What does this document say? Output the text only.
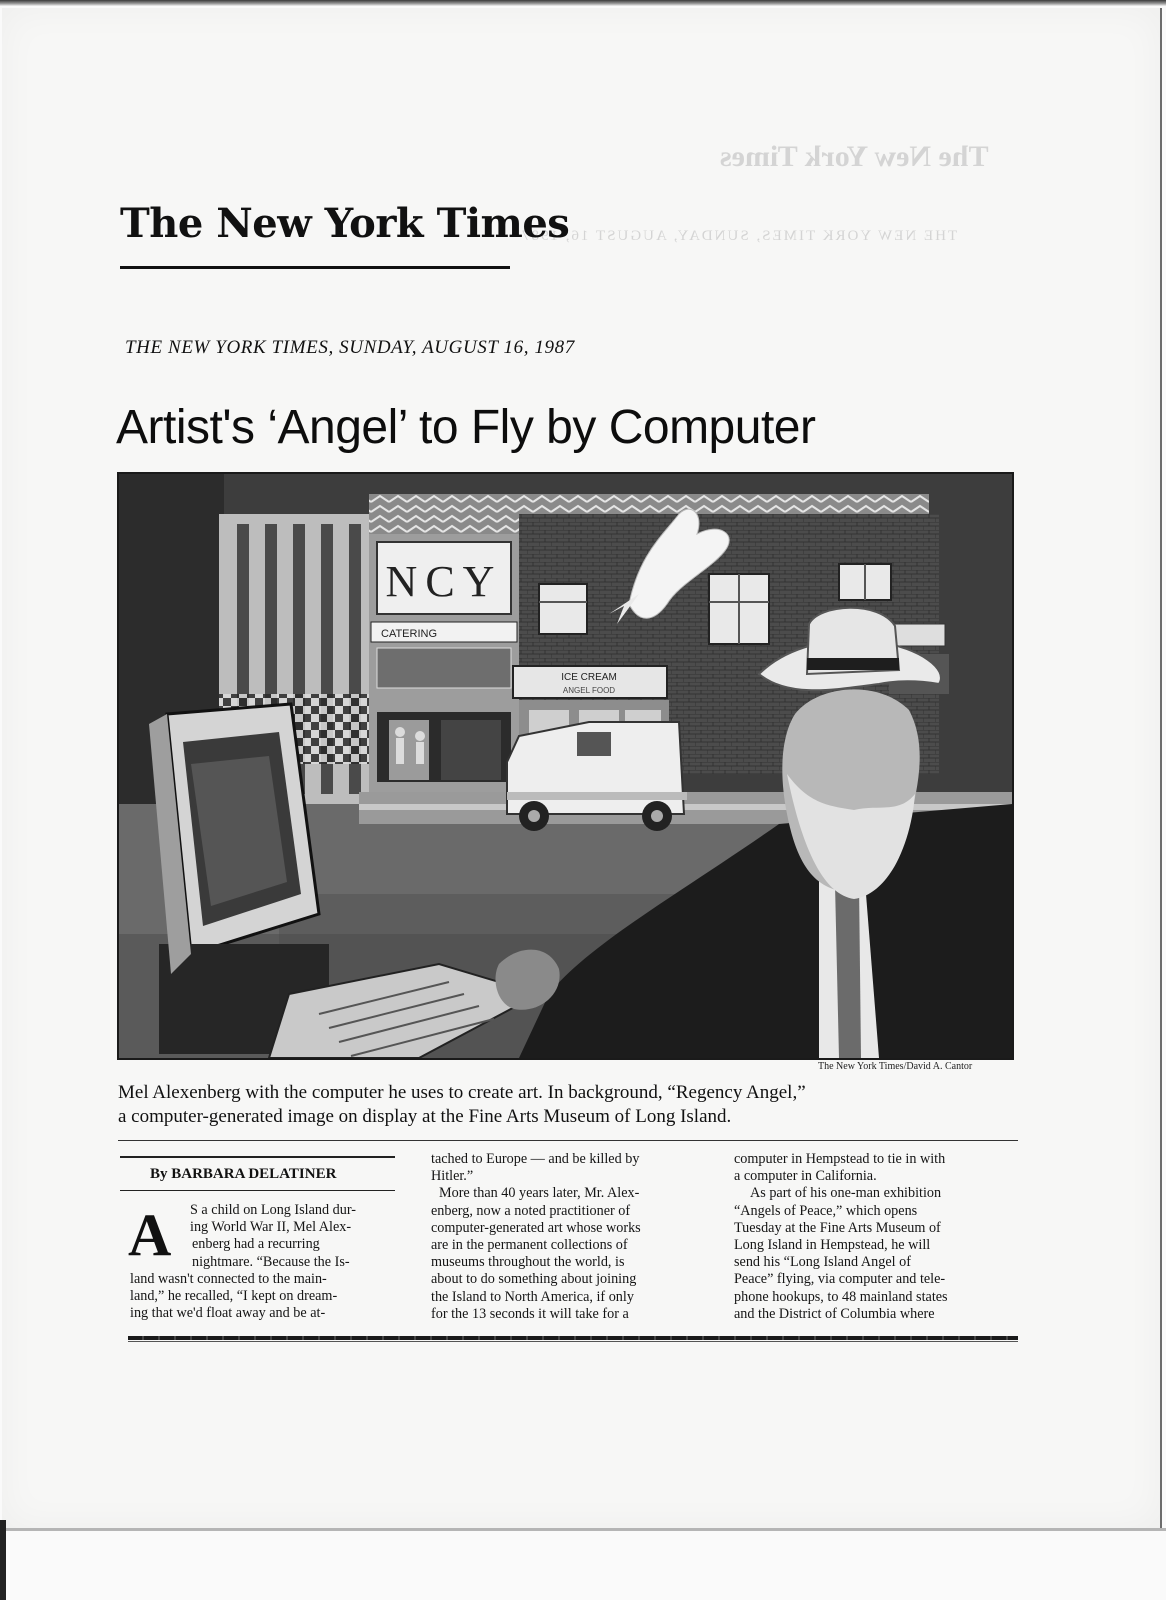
The New York Times
THE NEW YORK TIMES, SUNDAY, AUGUST 16, 1987
The New York Times
THE NEW YORK TIMES, SUNDAY, AUGUST 16, 1987
Artist's ‘Angel’ to Fly by Computer
NCY
CATERING
ICE CREAM
ANGEL FOOD
The New York Times/David A. Cantor
Mel Alexenberg with the computer he uses to create art. In background, “Regency Angel,”
a computer-generated image on display at the Fine Arts Museum of Long Island.
By BARBARA DELATINER
A	S a child on Long Island dur-
ing World War II, Mel Alex-
enberg had a recurring
nightmare. “Because the Is-
land wasn't connected to the main-
land,” he recalled, “I kept on dream-
ing that we'd float away and be at-
tached to Europe — and be killed by
Hitler.”
More than 40 years later, Mr. Alex-
enberg, now a noted practitioner of
computer-generated art whose works
are in the permanent collections of
museums throughout the world, is
about to do something about joining
the Island to North America, if only
for the 13 seconds it will take for a
computer in Hempstead to tie in with
a computer in California.
As part of his one-man exhibition
“Angels of Peace,” which opens
Tuesday at the Fine Arts Museum of
Long Island in Hempstead, he will
send his “Long Island Angel of
Peace” flying, via computer and tele-
phone hookups, to 48 mainland states
and the District of Columbia where
